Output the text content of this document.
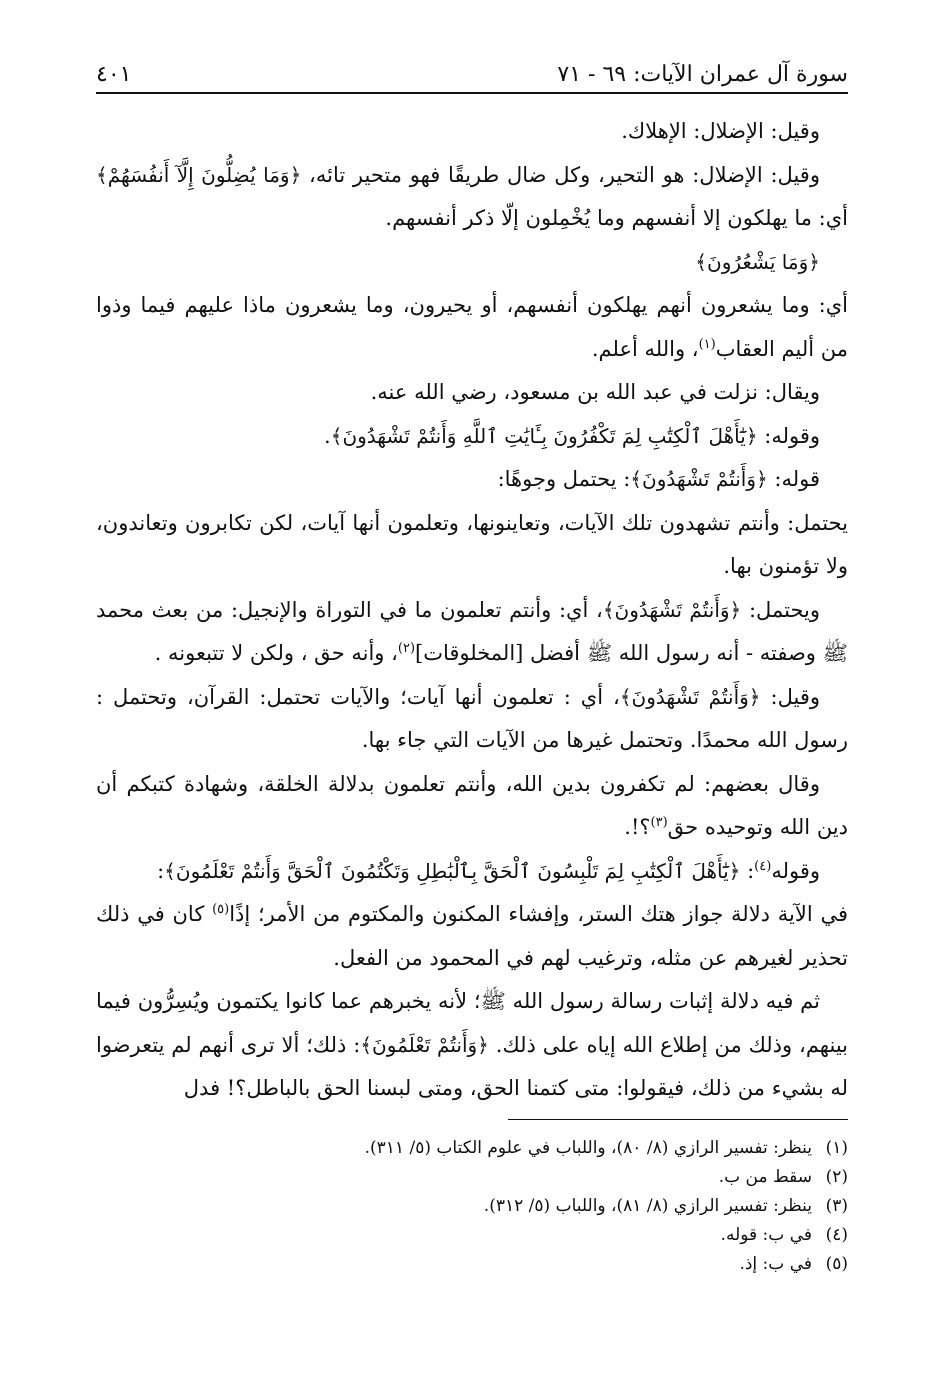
سورة آل عمران الآيات: ٦٩ - ٧١
٤٠١

وقيل: الإضلال: الإهلاك.

وقيل: الإضلال: هو التحير، وكل ضال طريقًا فهو متحير تائه، ﴿وَمَا يُضِلُّونَ إِلَّآ أَنفُسَهُمْ﴾ أي: ما يهلكون إلا أنفسهم وما يُخْمِلون إلّا ذكر أنفسهم.

﴿وَمَا يَشْعُرُونَ﴾

أي: وما يشعرون أنهم يهلكون أنفسهم، أو يحيرون، وما يشعرون ماذا عليهم فيما وذوا من أليم العقاب$^{(١)}$، والله أعلم.

ويقال: نزلت في عبد الله بن مسعود، رضي الله عنه.

وقوله: ﴿يَٰٓأَهْلَ ٱلْكِتَٰبِ لِمَ تَكْفُرُونَ بِـَٔايَٰتِ ٱللَّهِ وَأَنتُمْ تَشْهَدُونَ﴾.

قوله: ﴿وَأَنتُمْ تَشْهَدُونَ﴾: يحتمل وجوهًا:

يحتمل: وأنتم تشهدون تلك الآيات، وتعاينونها، وتعلمون أنها آيات، لكن تكابرون وتعاندون، ولا تؤمنون بها.

ويحتمل: ﴿وَأَنتُمْ تَشْهَدُونَ﴾، أي: وأنتم تعلمون ما في التوراة والإنجيل: من بعث محمد ﷺ وصفته - أنه رسول الله ﷺ أفضل [المخلوقات]$^{(٢)}$، وأنه حق ، ولكن لا تتبعونه .

وقيل: ﴿وَأَنتُمْ تَشْهَدُونَ﴾، أي : تعلمون أنها آيات؛ والآيات تحتمل: القرآن، وتحتمل : رسول الله محمدًا. وتحتمل غيرها من الآيات التي جاء بها.

وقال بعضهم: لم تكفرون بدين الله، وأنتم تعلمون بدلالة الخلقة، وشهادة كتبكم أن دين الله وتوحيده حق$^{(٣)}$؟!.

وقوله$^{(٤)}$: ﴿يَٰٓأَهْلَ ٱلْكِتَٰبِ لِمَ تَلْبِسُونَ ٱلْحَقَّ بِٱلْبَٰطِلِ وَتَكْتُمُونَ ٱلْحَقَّ وَأَنتُمْ تَعْلَمُونَ﴾:

في الآية دلالة جواز هتك الستر، وإفشاء المكنون والمكتوم من الأمر؛ إذًا$^{(٥)}$ كان في ذلك تحذير لغيرهم عن مثله، وترغيب لهم في المحمود من الفعل.

ثم فيه دلالة إثبات رسالة رسول الله ﷺ؛ لأنه يخبرهم عما كانوا يكتمون ويُسِرُّون فيما بينهم، وذلك من إطلاع الله إياه على ذلك. ﴿وَأَنتُمْ تَعْلَمُونَ﴾: ذلك؛ ألا ترى أنهم لم يتعرضوا له بشيء من ذلك، فيقولوا: متى كتمنا الحق، ومتى لبسنا الحق بالباطل؟! فدل

(١)
ينظر: تفسير الرازي (٨/ ٨٠)، واللباب في علوم الكتاب (٥/ ٣١١).

(٢)
سقط من ب.

(٣)
ينظر: تفسير الرازي (٨/ ٨١)، واللباب (٥/ ٣١٢).

(٤)
في ب: قوله.

(٥)
في ب: إذ.
